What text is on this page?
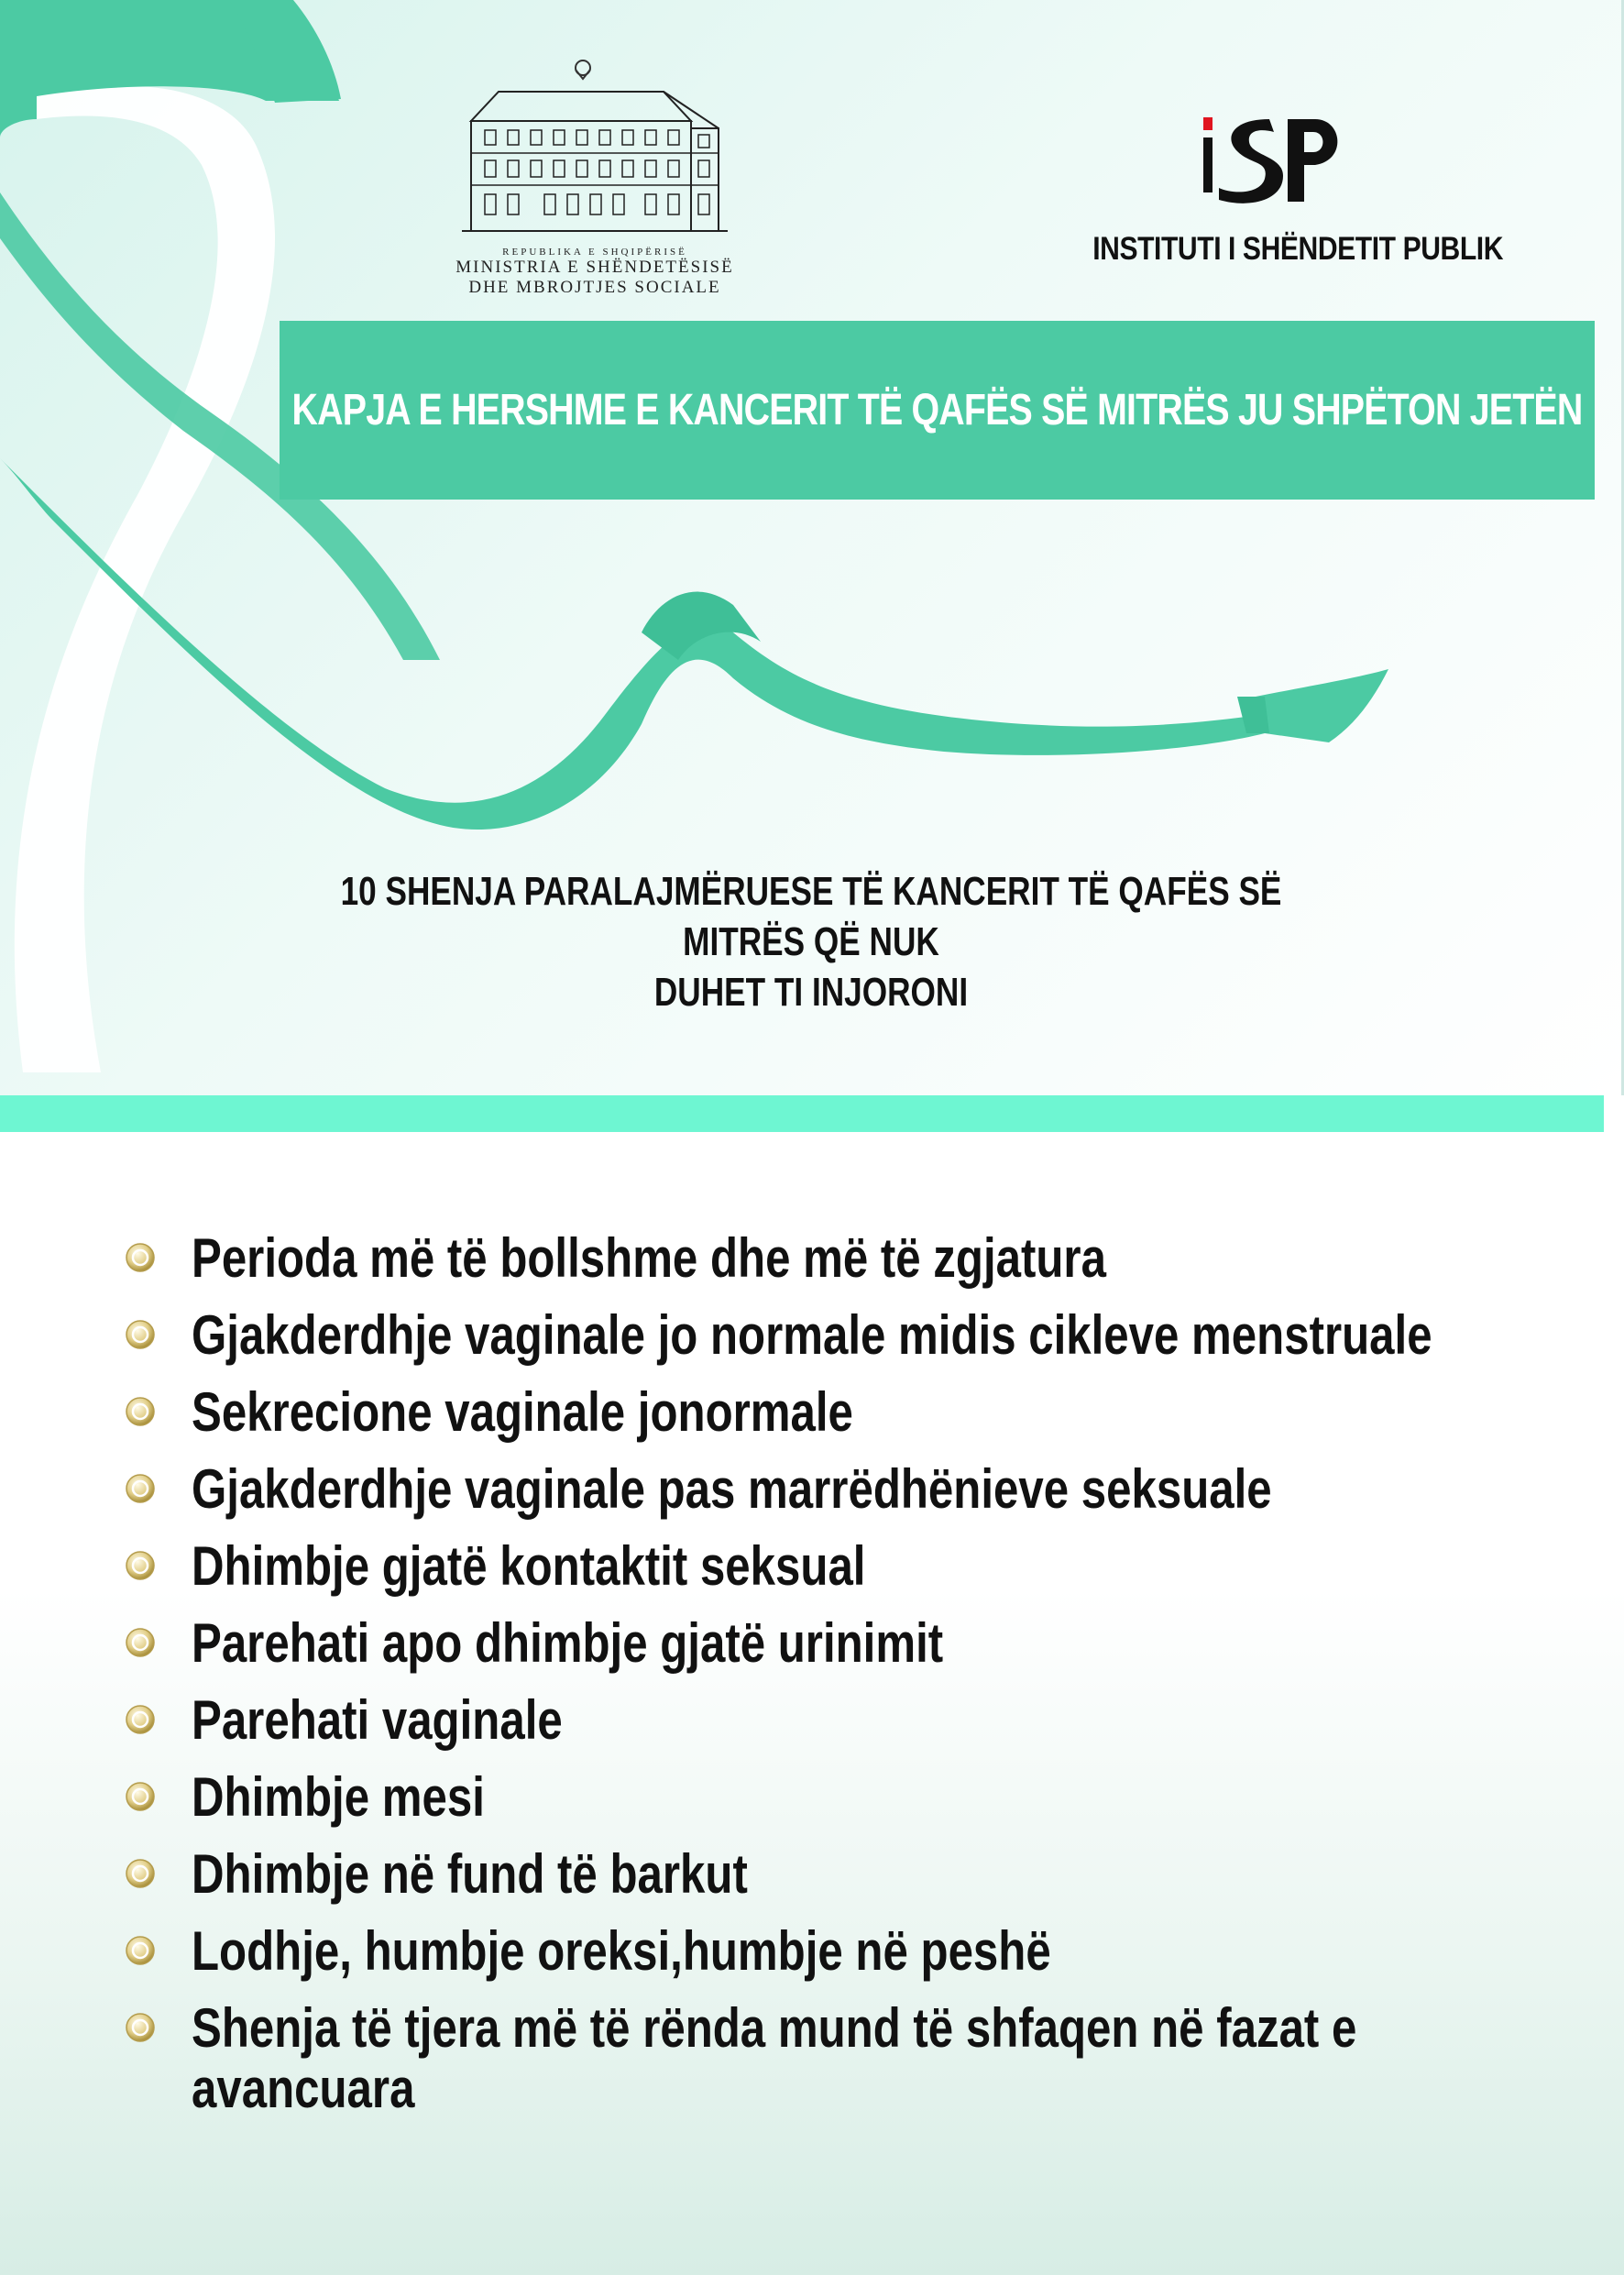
REPUBLIKA E SHQIPËRISË
MINISTRIA E SHËNDETËSISË
DHE MBROJTJES SOCIALE
INSTITUTI I SHËNDETIT PUBLIK
KAPJA E HERSHME E KANCERIT TË QAFËS SË MITRËS JU SHPËTON JETËN
10 SHENJA PARALAJMËRUESE TË KANCERIT TË QAFËS SË MITRËS QË NUK
DUHET TI INJORONI
Perioda më të bollshme dhe më të zgjatura
Gjakderdhje vaginale jo normale midis cikleve menstruale
Sekrecione vaginale jonormale
Gjakderdhje vaginale pas marrëdhënieve seksuale
Dhimbje gjatë kontaktit seksual
Parehati apo dhimbje gjatë urinimit
Parehati vaginale
Dhimbje mesi
Dhimbje në fund të barkut
Lodhje, humbje oreksi,humbje në peshë
Shenja të tjera më të rënda mund të shfaqen në fazat e avancuara
